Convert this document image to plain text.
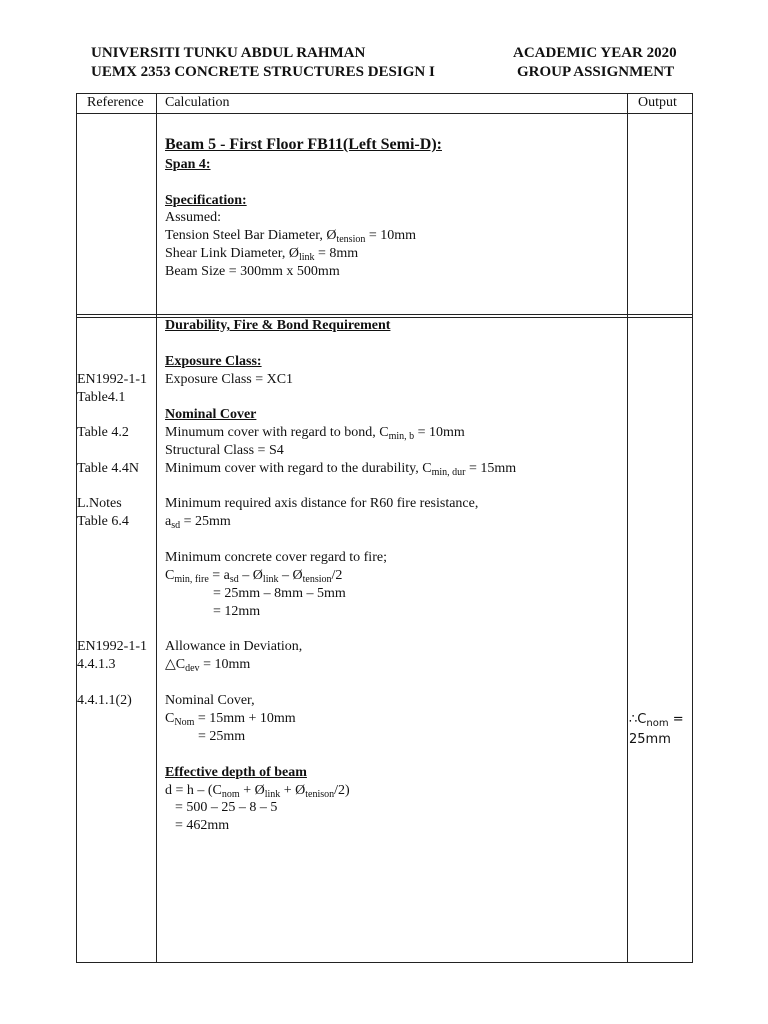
UNIVERSITI TUNKU ABDUL RAHMAN
UEMX 2353 CONCRETE STRUCTURES DESIGN I
ACADEMIC YEAR 2020
GROUP ASSIGNMENT
Reference Calculation	Output
Beam 5 - First Floor FB11(Left Semi-D):
Span 4:
Specification:
Assumed:
Tension Steel Bar Diameter, $Ø_{tension} = 10mm$
Shear Link Diameter, $Ø_{link} = 8mm$
Beam Size = 300mm x 500mm
Durability, Fire & Bond Requirement
Exposure Class:
Exposure Class = XC1
Nominal Cover
Minumum cover with regard to bond, $C_{min, b} = 10mm$
Structural Class = S4
Minimum cover with regard to the durability, $C_{min, dur} = 15mm$
Minimum required axis distance for R60 fire resistance,
$a_{sd} = 25mm$
Minimum concrete cover regard to fire;
$C_{min, fire} = a_{sd}$ – $Ø_{link}$ – $Ø_{tension}/2$
= 25mm – 8mm – 5mm
= 12mm
Allowance in Deviation,
$\triangle C_{dev} = 10mm$
Nominal Cover,
$C_{Nom} = 15mm + 10mm$
= 25mm
Effective depth of beam
$d = h - (C_{nom}$ + $Ø_{link}$ + $Ø_{tenison}/2$)
= 500 – 25 – 8 – 5
= 462mm
EN1992-1-1
Table4.1
Table 4.2
Table 4.4N
L.Notes
Table 6.4
EN1992-1-1
4.4.1.3
4.4.1.1(2)
$\therefore C_{nom}$ =
25mm
